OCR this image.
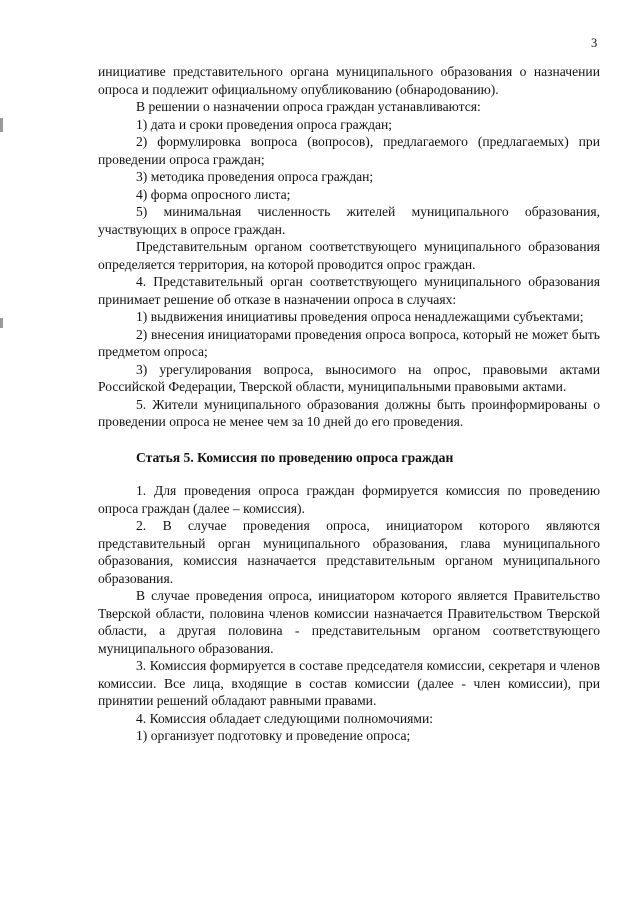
3

инициативе представительного органа муниципального образования о назначении опроса и подлежит официальному опубликованию (обнародованию).

В решении о назначении опроса граждан устанавливаются:

1) дата и сроки проведения опроса граждан;

2) формулировка вопроса (вопросов), предлагаемого (предлагаемых) при проведении опроса граждан;

3) методика проведения опроса граждан;

4) форма опросного листа;

5) минимальная численность жителей муниципального образования, участвующих в опросе граждан.

Представительным органом соответствующего муниципального образования определяется территория, на которой проводится опрос граждан.

4. Представительный орган соответствующего муниципального образования принимает решение об отказе в назначении опроса в случаях:

1) выдвижения инициативы проведения опроса ненадлежащими субъектами;

2) внесения инициаторами проведения опроса вопроса, который не может быть предметом опроса;

3) урегулирования вопроса, выносимого на опрос, правовыми актами Российской Федерации, Тверской области, муниципальными правовыми актами.

5. Жители муниципального образования должны быть проинформированы о проведении опроса не менее чем за 10 дней до его проведения.

Статья 5. Комиссия по проведению опроса граждан

1. Для проведения опроса граждан формируется комиссия по проведению опроса граждан (далее – комиссия).

2. В случае проведения опроса, инициатором которого являются представительный орган муниципального образования, глава муниципального образования, комиссия назначается представительным органом муниципального образования.

В случае проведения опроса, инициатором которого является Правительство Тверской области, половина членов комиссии назначается Правительством Тверской области, а другая половина - представительным органом соответствующего муниципального образования.

3. Комиссия формируется в составе председателя комиссии, секретаря и членов комиссии. Все лица, входящие в состав комиссии (далее - член комиссии), при принятии решений обладают равными правами.

4. Комиссия обладает следующими полномочиями:

1) организует подготовку и проведение опроса;
